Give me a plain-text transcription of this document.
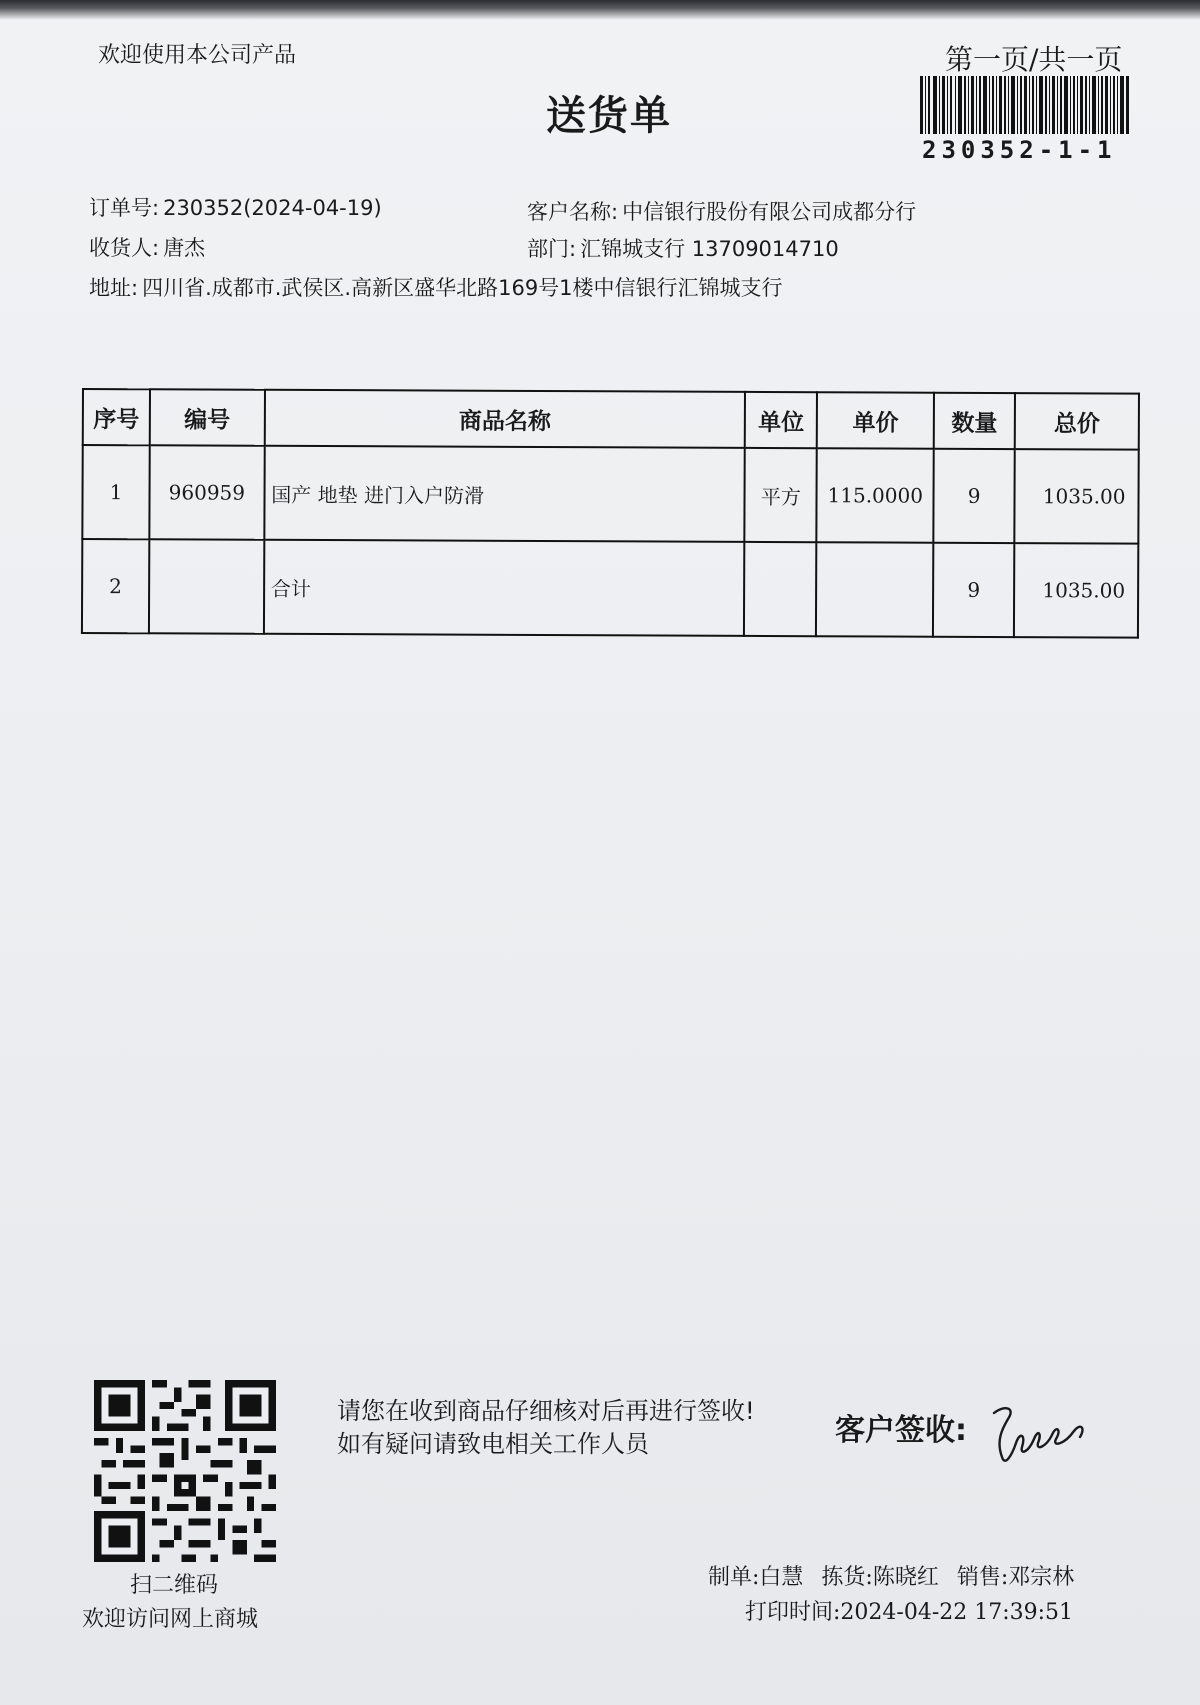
欢迎使用本公司产品	第一页/共一页
送货单
230352-1-1
订单号: 230352(2024-04-19)	客户名称: 中信银行股份有限公司成都分行
收货人: 唐杰	部门: 汇锦城支行 13709014710
地址: 四川省.成都市.武侯区.高新区盛华北路169号1楼中信银行汇锦城支行
序号	编号	商品名称	单位	单价	数量	总价
1	960959	国产 地垫 进门入户防滑	平方	115.0000	9	1035.00
2		合计			9	1035.00
扫二维码
欢迎访问网上商城
请您在收到商品仔细核对后再进行签收!如有疑问请致电相关工作人员	客户签收:
制单:白慧 拣货:陈晓红 销售:邓宗林
打印时间:2024-04-22 17:39:51
